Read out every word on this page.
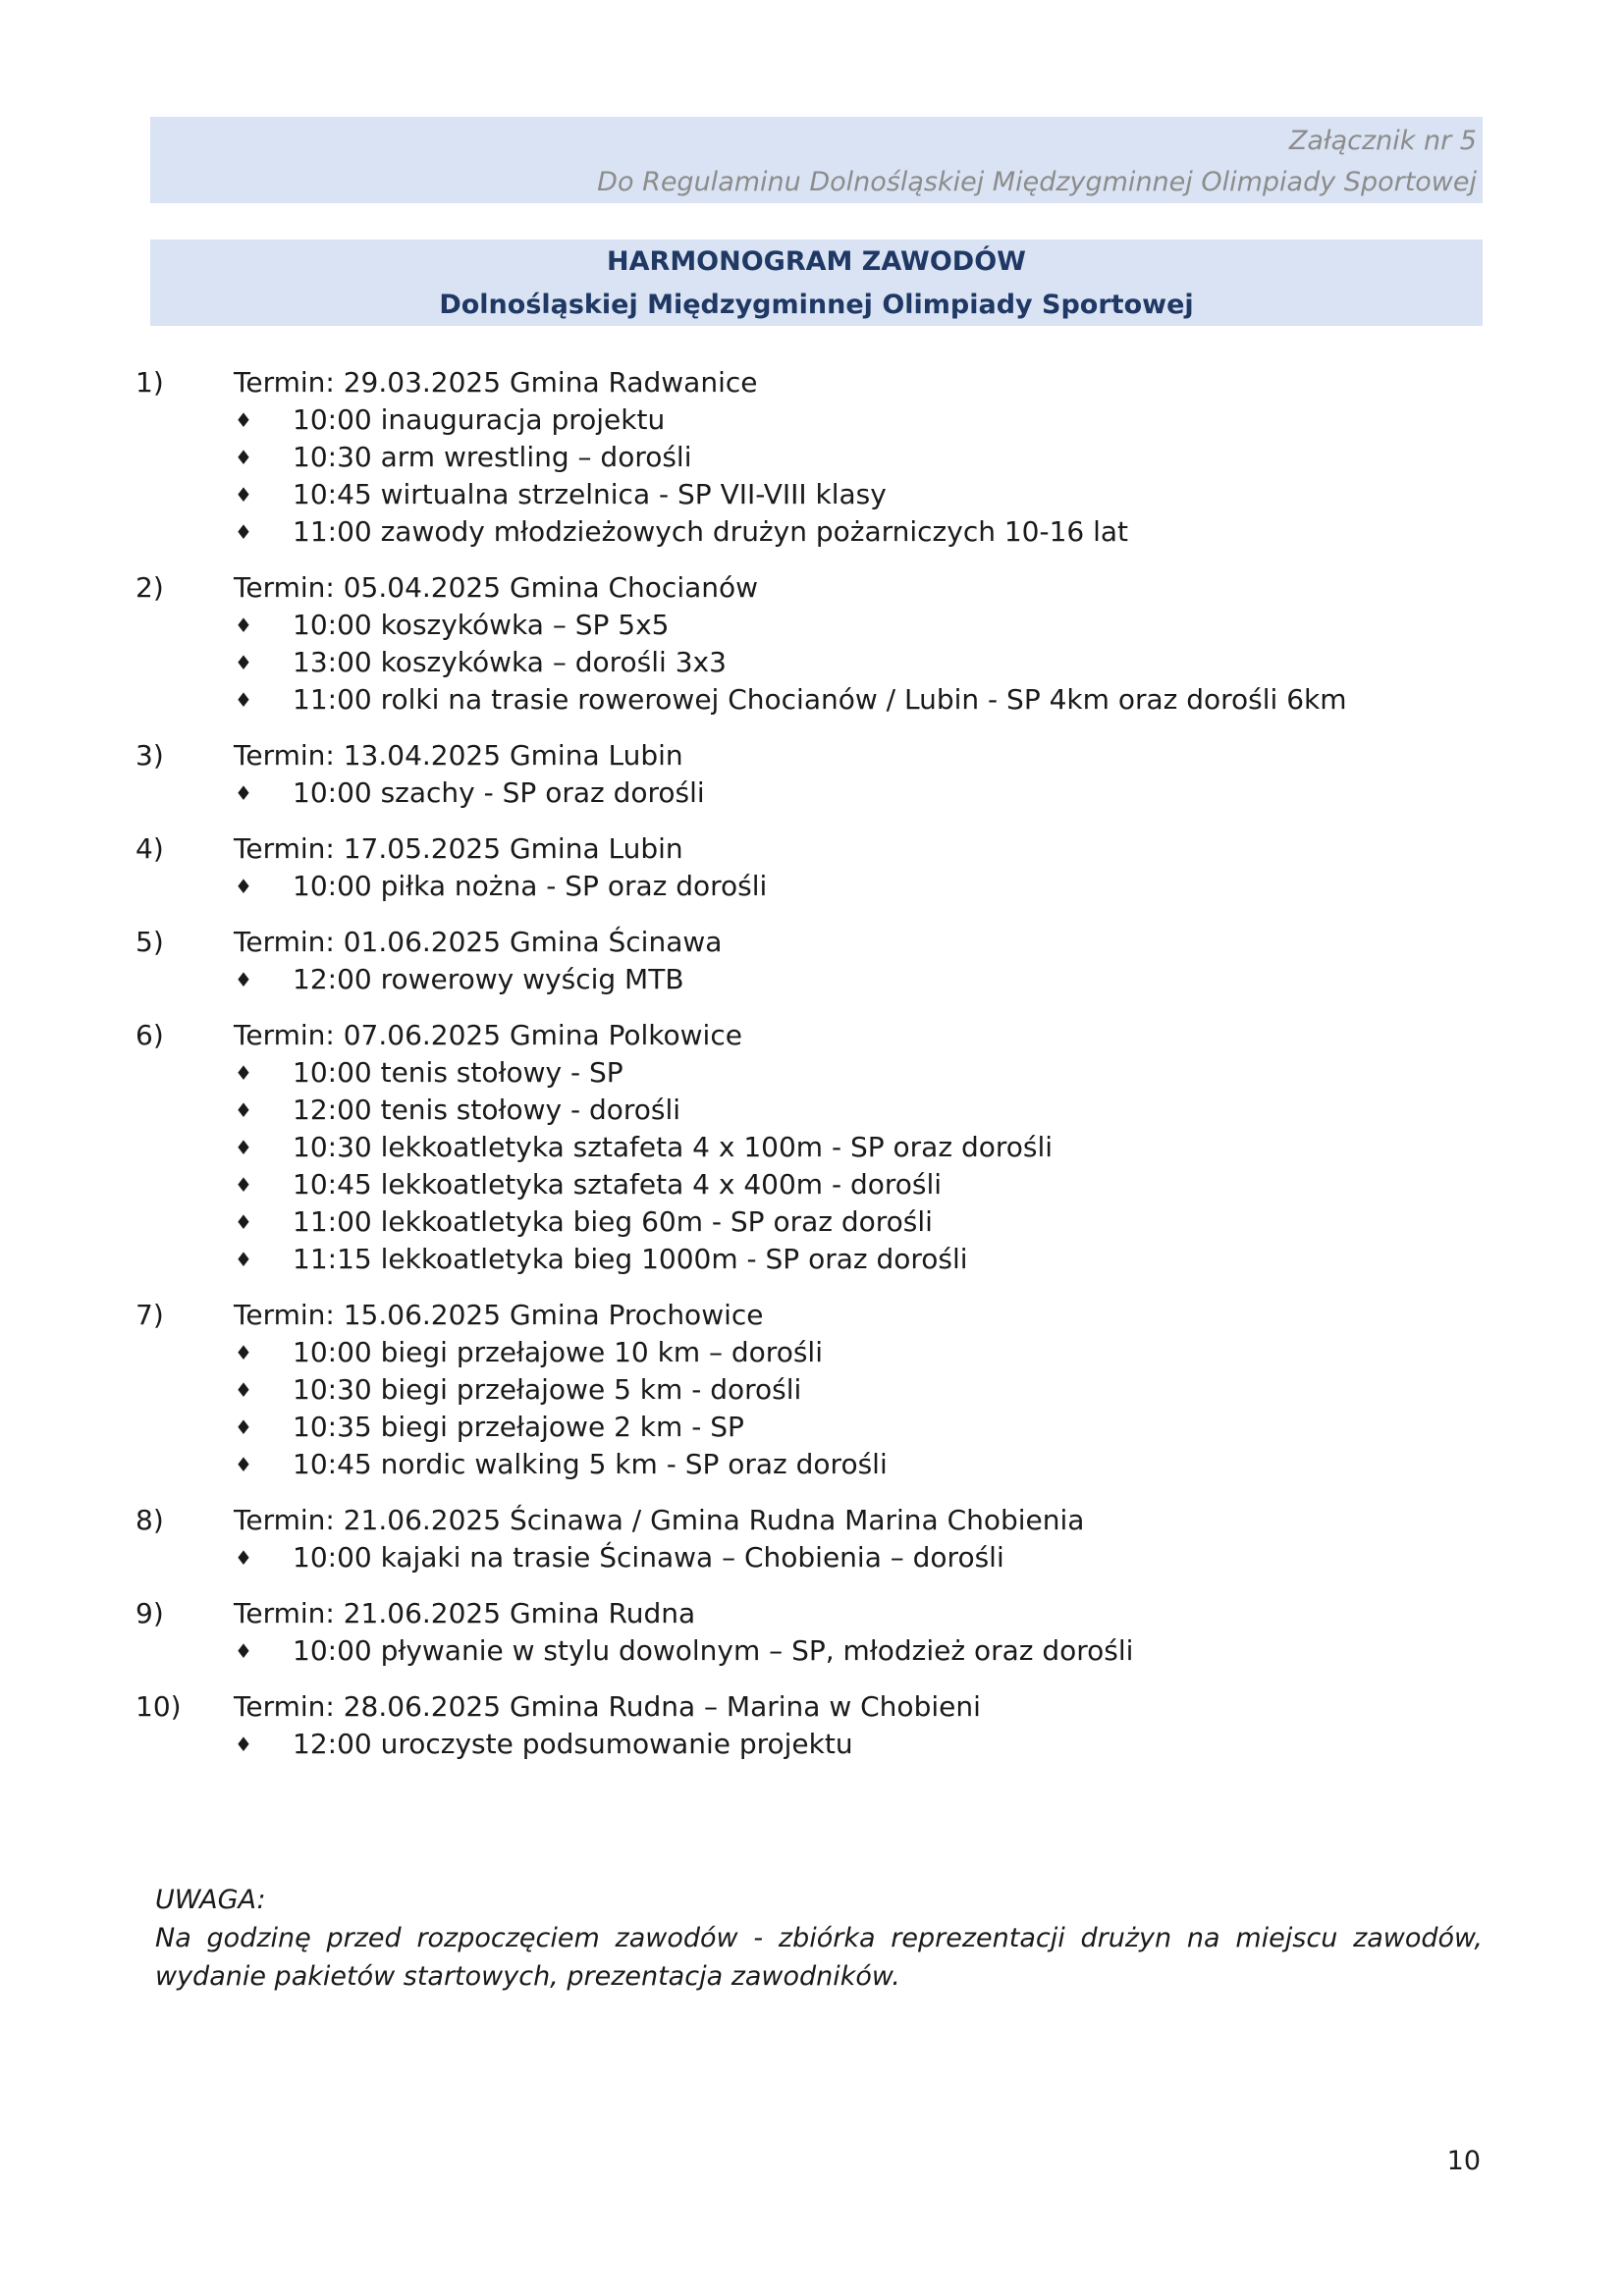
Załącznik nr 5
Do Regulaminu Dolnośląskiej Międzygminnej Olimpiady Sportowej
HARMONOGRAM ZAWODÓW
Dolnośląskiej Międzygminnej Olimpiady Sportowej
1)	Termin: 29.03.2025 Gmina Radwanice
♦ 10:00 inauguracja projektu
♦ 10:30 arm wrestling – dorośli
♦ 10:45 wirtualna strzelnica - SP VII-VIII klasy
♦ 11:00 zawody młodzieżowych drużyn pożarniczych 10-16 lat
2)	Termin: 05.04.2025 Gmina Chocianów
♦ 10:00 koszykówka – SP 5x5
♦ 13:00 koszykówka – dorośli 3x3
♦ 11:00 rolki na trasie rowerowej Chocianów / Lubin - SP 4km oraz dorośli 6km
3)	Termin: 13.04.2025 Gmina Lubin
♦ 10:00 szachy - SP oraz dorośli
4)	Termin: 17.05.2025 Gmina Lubin
♦ 10:00 piłka nożna - SP oraz dorośli
5)	Termin: 01.06.2025 Gmina Ścinawa
♦ 12:00 rowerowy wyścig MTB
6)	Termin: 07.06.2025 Gmina Polkowice
♦ 10:00 tenis stołowy - SP
♦ 12:00 tenis stołowy - dorośli
♦ 10:30 lekkoatletyka sztafeta 4 x 100m - SP oraz dorośli
♦ 10:45 lekkoatletyka sztafeta 4 x 400m - dorośli
♦ 11:00 lekkoatletyka bieg 60m - SP oraz dorośli
♦ 11:15 lekkoatletyka bieg 1000m - SP oraz dorośli
7)	Termin: 15.06.2025 Gmina Prochowice
♦ 10:00 biegi przełajowe 10 km – dorośli
♦ 10:30 biegi przełajowe 5 km - dorośli
♦ 10:35 biegi przełajowe 2 km - SP
♦ 10:45 nordic walking 5 km - SP oraz dorośli
8)	Termin: 21.06.2025 Ścinawa / Gmina Rudna Marina Chobienia
♦ 10:00 kajaki na trasie Ścinawa – Chobienia – dorośli
9)	Termin: 21.06.2025 Gmina Rudna
♦ 10:00 pływanie w stylu dowolnym – SP, młodzież oraz dorośli
10) Termin: 28.06.2025 Gmina Rudna – Marina w Chobieni
♦ 12:00 uroczyste podsumowanie projektu
UWAGA:
Na godzinę przed rozpoczęciem zawodów - zbiórka reprezentacji drużyn na miejscu zawodów, wydanie pakietów startowych, prezentacja zawodników.
10
